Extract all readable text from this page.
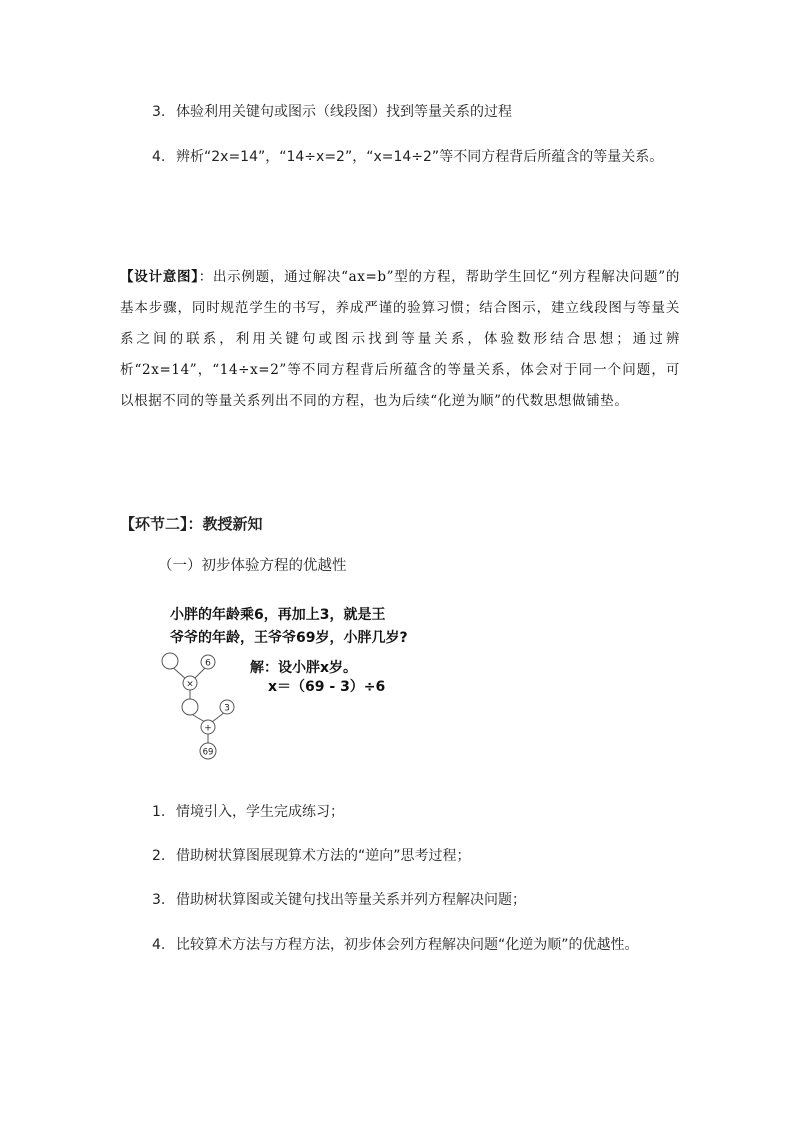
3. 体验利用关键句或图示（线段图）找到等量关系的过程
4. 辨析“2x=14”，“14÷x=2”，“x=14÷2”等不同方程背后所蕴含的等量关系。
【设计意图】：出示例题，通过解决“ax=b”型的方程，帮助学生回忆“列方程解决问题”的基本步骤，同时规范学生的书写，养成严谨的验算习惯；结合图示，建立线段图与等量关系之间的联系，利用关键句或图示找到等量关系，体验数形结合思想；通过辨析“2x=14”，“14÷x=2”等不同方程背后所蕴含的等量关系，体会对于同一个问题，可以根据不同的等量关系列出不同的方程，也为后续“化逆为顺”的代数思想做铺垫。
【环节二】：教授新知
（一）初步体验方程的优越性
小胖的年龄乘6，再加上3，就是王
爷爷的年龄，王爷爷69岁，小胖几岁?
6
×
3
+
69
解：设小胖x岁。
x＝（69 - 3）÷6
1. 情境引入，学生完成练习；
2. 借助树状算图展现算术方法的“逆向”思考过程；
3. 借助树状算图或关键句找出等量关系并列方程解决问题；
4. 比较算术方法与方程方法，初步体会列方程解决问题“化逆为顺”的优越性。
